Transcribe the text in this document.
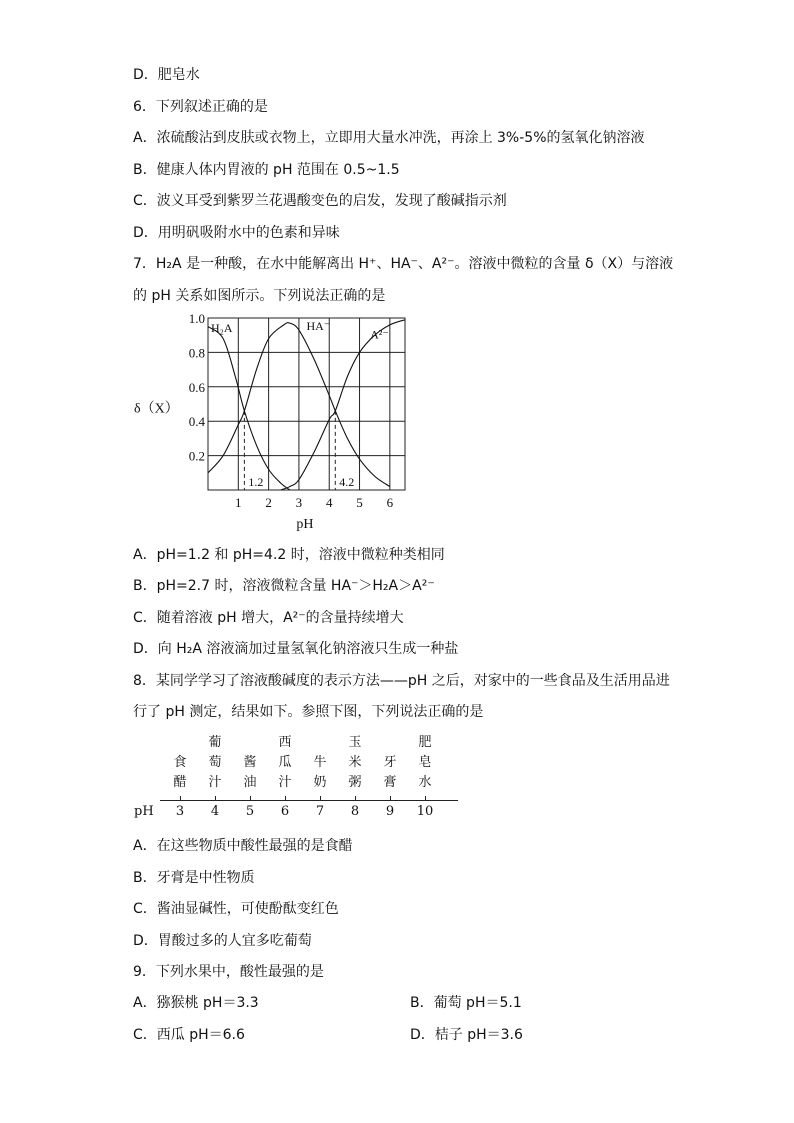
D．肥皂水
6．下列叙述正确的是
A．浓硫酸沾到皮肤或衣物上，立即用大量水冲洗，再涂上 3%-5%的氢氧化钠溶液
B．健康人体内胃液的 pH 范围在 0.5~1.5
C．波义耳受到紫罗兰花遇酸变色的启发，发现了酸碱指示剂
D．用明矾吸附水中的色素和异味
7．H₂A 是一种酸，在水中能解离出 H⁺、HA⁻、A²⁻。溶液中微粒的含量 δ（X）与溶液
的 pH 关系如图所示。下列说法正确的是
1 2 3 4 5 6
0.2
0.4
0.6
0.8
1.0
pH
δ（X）
1.2	4.2
H₂A	HA⁻
A²⁻
A．pH=1.2 和 pH=4.2 时，溶液中微粒种类相同
B．pH=2.7 时，溶液微粒含量 HA⁻＞H₂A＞A²⁻
C．随着溶液 pH 增大，A²⁻的含量持续增大
D．向 H₂A 溶液滴加过量氢氧化钠溶液只生成一种盐
8．某同学学习了溶液酸碱度的表示方法——pH 之后，对家中的一些食品及生活用品进
行了 pH 测定，结果如下。参照下图，下列说法正确的是
食
醋
3
葡
萄
汁
4
酱
油
5
西
瓜
汁
6
牛
奶
7
玉
米
粥
8
牙
膏
9
肥
皂
水
10
pH
A．在这些物质中酸性最强的是食醋
B．牙膏是中性物质
C．酱油显碱性，可使酚酞变红色
D．胃酸过多的人宜多吃葡萄
9．下列水果中，酸性最强的是
A．猕猴桃 pH＝3.3	B．葡萄 pH＝5.1
C．西瓜 pH＝6.6	D．桔子 pH＝3.6
